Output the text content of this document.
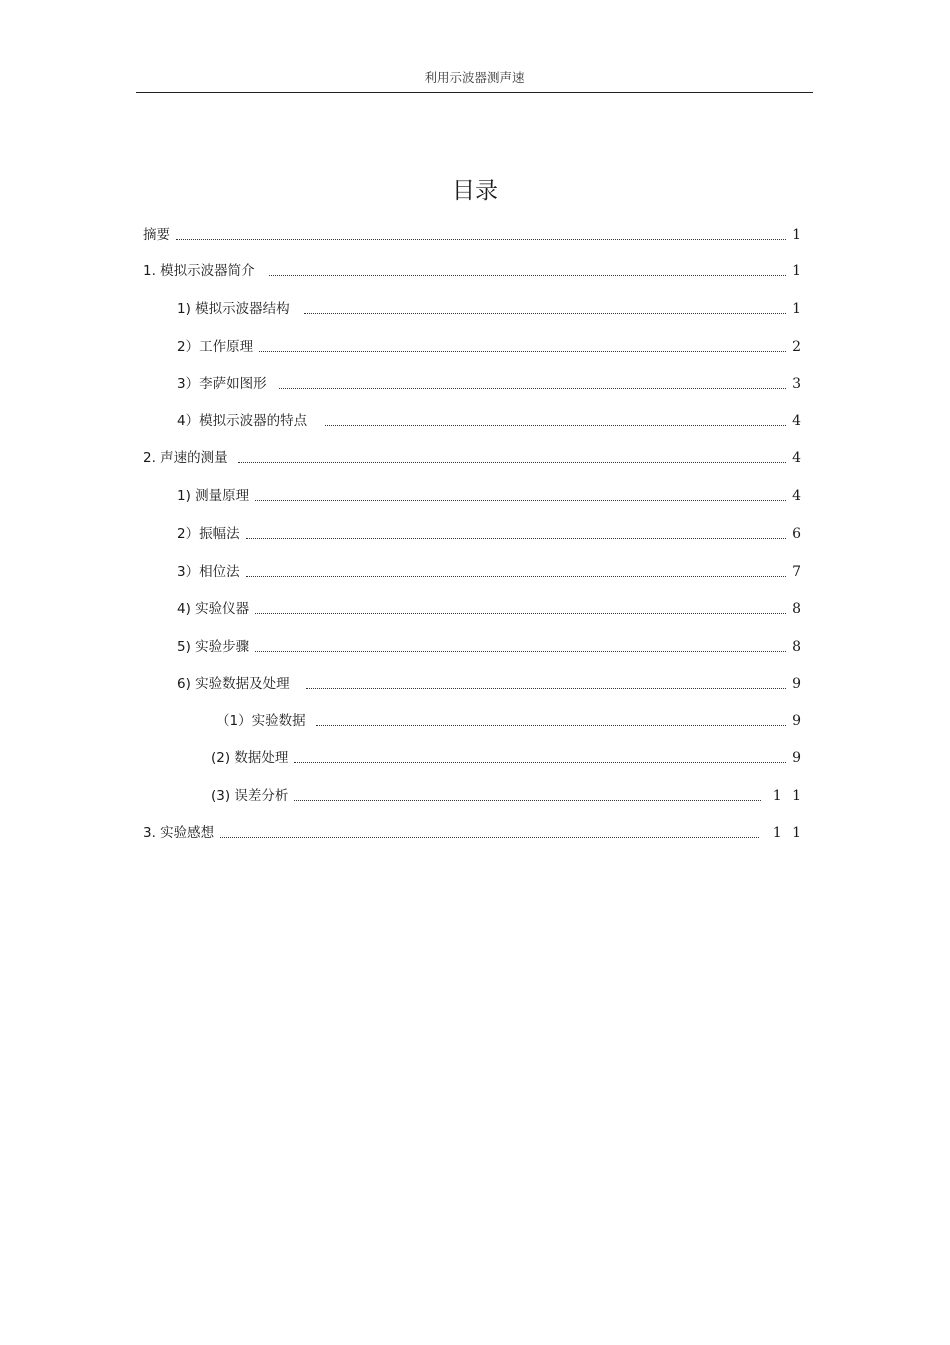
利用示波器测声速
目录
摘要	1
1. 模拟示波器简介	1
1) 模拟示波器结构	1
2）工作原理	2
3）李萨如图形	3
4）模拟示波器的特点	4
2. 声速的测量	4
1) 测量原理	4
2）振幅法	6
3）相位法	7
4) 实验仪器	8
5) 实验步骤	8
6) 实验数据及处理	9
（1）实验数据	9
(2) 数据处理	9
(3) 误差分析	1 1
3. 实验感想	1 1
